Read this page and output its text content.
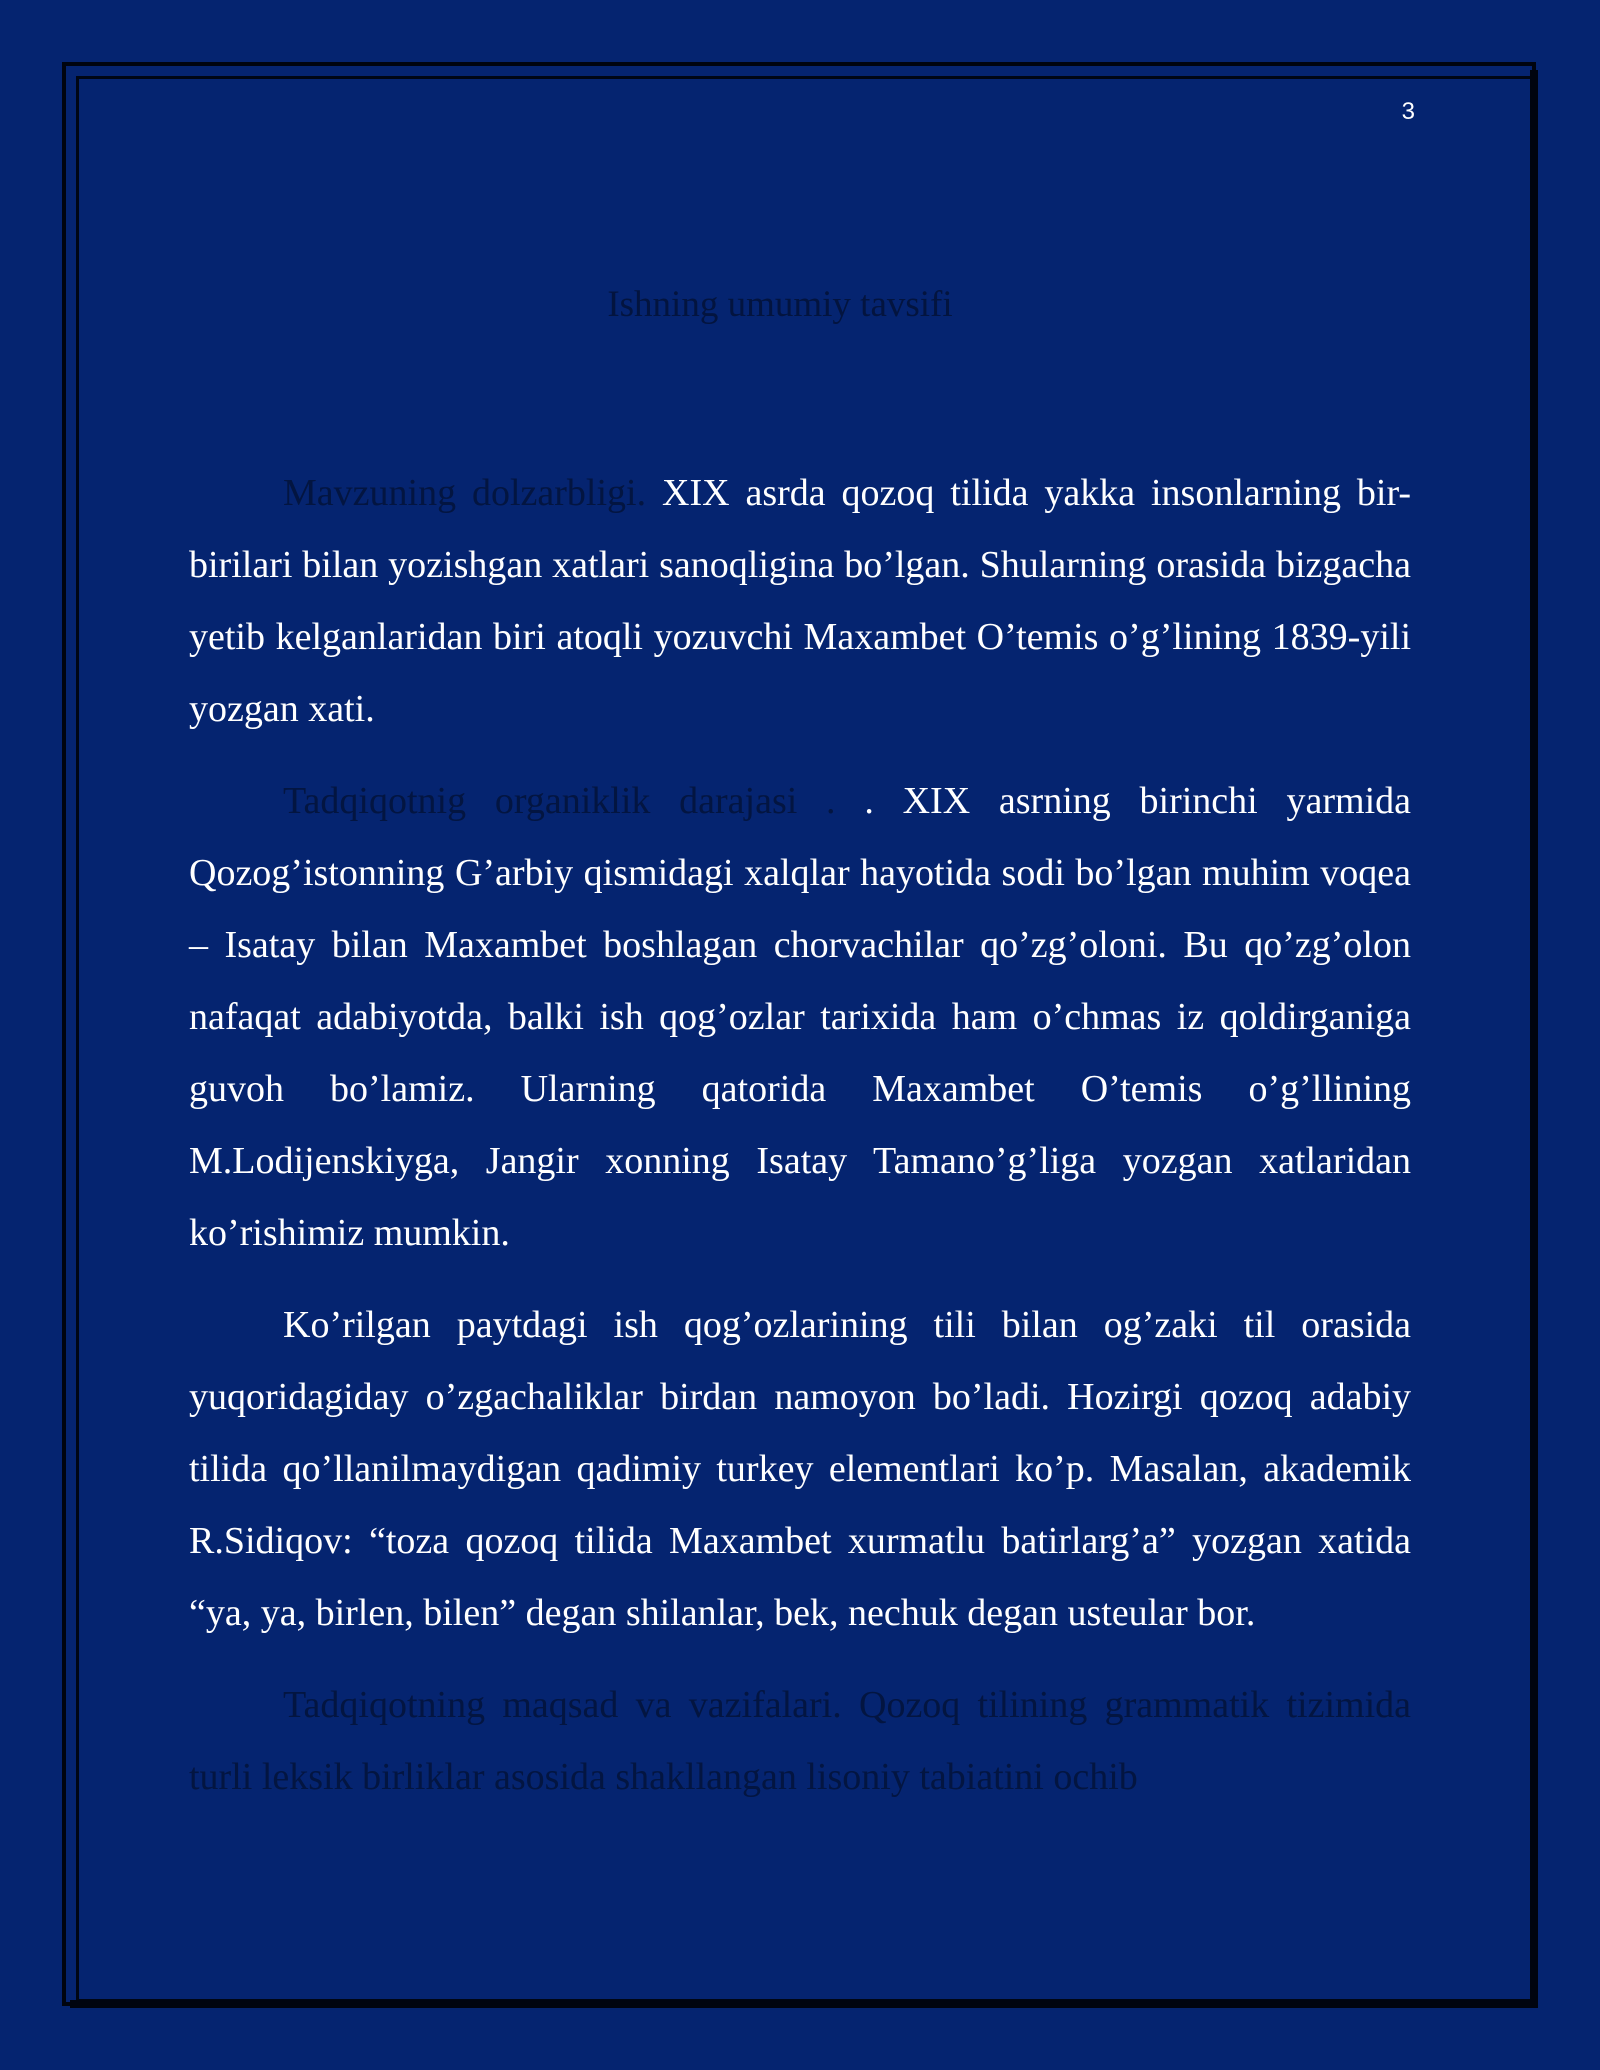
3
Ishning umumiy tavsifi

Mavzuning dolzarbligi. XIX asrda qozoq tilida yakka insonlarning bir-birilari bilan yozishgan xatlari sanoqligina bo’lgan. Shularning orasida bizgacha yetib kelganlaridan biri atoqli yozuvchi Maxambet O’temis o’g’lining 1839-yili yozgan xati.

Tadqiqotnig organiklik darajasi . . XIX asrning birinchi yarmida Qozog’istonning G’arbiy qismidagi xalqlar hayotida sodi bo’lgan muhim voqea – Isatay bilan Maxambet boshlagan chorvachilar qo’zg’oloni. Bu qo’zg’olon nafaqat adabiyotda, balki ish qog’ozlar tarixida ham o’chmas iz qoldirganiga guvoh bo’lamiz. Ularning qatorida Maxambet O’temis o’g’llining M.Lodijenskiyga, Jangir xonning Isatay Tamano’g’liga yozgan xatlaridan ko’rishimiz mumkin.

Ko’rilgan paytdagi ish qog’ozlarining tili bilan og’zaki til orasida yuqoridagiday o’zgachaliklar birdan namoyon bo’ladi. Hozirgi qozoq adabiy tilida qo’llanilmaydigan qadimiy turkey elementlari ko’p. Masalan, akademik R.Sidiqov: “toza qozoq tilida Maxambet xurmatlu batirlarg’a” yozgan xatida “ya, ya, birlen, bilen” degan shilanlar, bek, nechuk degan usteular bor.

Tadqiqotning maqsad va vazifalari. Qozoq tilining grammatik tizimida turli leksik birliklar asosida shakllangan lisoniy tabiatini ochib
